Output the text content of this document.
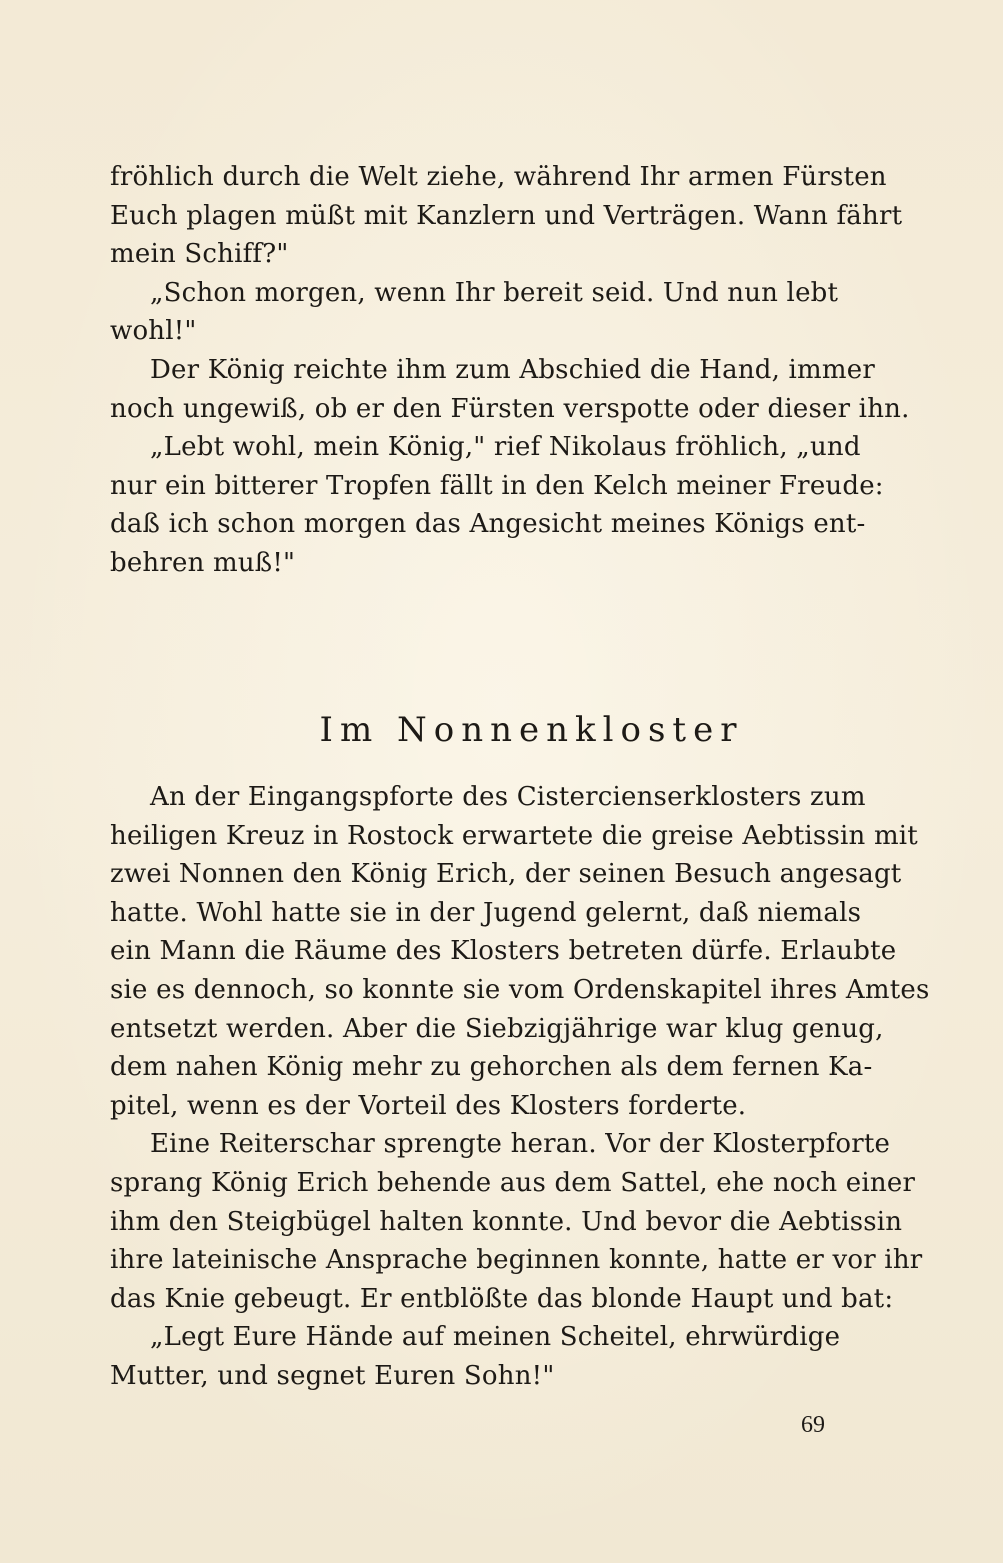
fröhlich durch die Welt ziehe, während Ihr armen Fürsten
Euch plagen müßt mit Kanzlern und Verträgen. Wann fährt
mein Schiff?"
„Schon morgen, wenn Ihr bereit seid. Und nun lebt
wohl!"
Der König reichte ihm zum Abschied die Hand, immer
noch ungewiß, ob er den Fürsten verspotte oder dieser ihn.
„Lebt wohl, mein König," rief Nikolaus fröhlich, „und
nur ein bitterer Tropfen fällt in den Kelch meiner Freude:
daß ich schon morgen das Angesicht meines Königs ent-
behren muß!"
Im Nonnenkloster
An der Eingangspforte des Cistercienserklosters zum
heiligen Kreuz in Rostock erwartete die greise Aebtissin mit
zwei Nonnen den König Erich, der seinen Besuch angesagt
hatte. Wohl hatte sie in der Jugend gelernt, daß niemals
ein Mann die Räume des Klosters betreten dürfe. Erlaubte
sie es dennoch, so konnte sie vom Ordenskapitel ihres Amtes
entsetzt werden. Aber die Siebzigjährige war klug genug,
dem nahen König mehr zu gehorchen als dem fernen Ka-
pitel, wenn es der Vorteil des Klosters forderte.
Eine Reiterschar sprengte heran. Vor der Klosterpforte
sprang König Erich behende aus dem Sattel, ehe noch einer
ihm den Steigbügel halten konnte. Und bevor die Aebtissin
ihre lateinische Ansprache beginnen konnte, hatte er vor ihr
das Knie gebeugt. Er entblößte das blonde Haupt und bat:
„Legt Eure Hände auf meinen Scheitel, ehrwürdige
Mutter, und segnet Euren Sohn!"
69
